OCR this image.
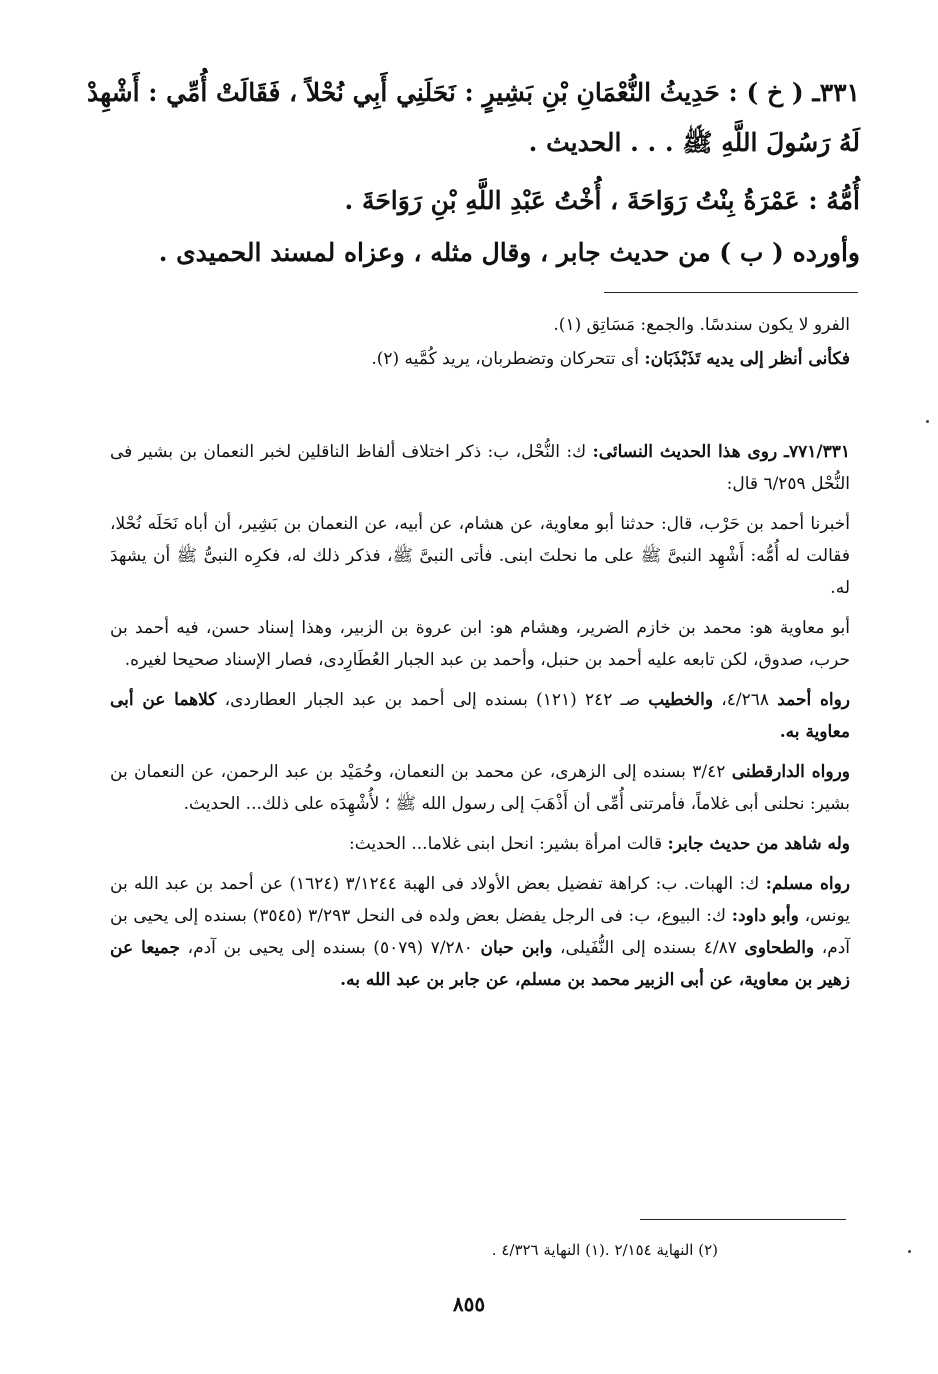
٣٣١ـ ( خ ) : حَدِيثُ النُّعْمَانِ بْنِ بَشِيرٍ : نَحَلَنِي أَبِي نُحْلاً ، فَقَالَتْ أُمِّي : أَشْهِدْ لَهُ رَسُولَ اللَّهِ ﷺ . . . الحديث .
أُمُّهُ : عَمْرَةُ بِنْتُ رَوَاحَةَ ، أُخْتُ عَبْدِ اللَّهِ بْنِ رَوَاحَةَ .
وأورده ( ب ) من حديث جابر ، وقال مثله ، وعزاه لمسند الحميدى .
الفرو لا يكون سندسًا. والجمع: مَسَاتِق (١).
فكأنى أنظر إلى يديه تَذَبْذَبَان: أى تتحركان وتضطربان، يريد كُمَّيه (٢).

٧٧١/٣٣١ـ روى هذا الحديث النسائى: ك: النُّحْل، ب: ذكر اختلاف ألفاظ الناقلين لخبر النعمان بن بشير فى النُّحْل ٦/٢٥٩ قال:

أخبرنا أحمد بن حَرْب، قال: حدثنا أبو معاوية، عن هشام، عن أبيه، عن النعمان بن بَشِير، أن أباه نَحَلَه نُحْلا، فقالت له أُمُّه: أَشْهِد النبىَّ ﷺ على ما نحلتَ ابنى. فأتى النبىَّ ﷺ، فذكر ذلك له، فكرِه النبىُّ ﷺ أن يشهدَ له.

أبو معاوية هو: محمد بن خازم الضرير، وهشام هو: ابن عروة بن الزبير، وهذا إسناد حسن، فيه أحمد بن حرب، صدوق، لكن تابعه عليه أحمد بن حنبل، وأحمد بن عبد الجبار العُطَارِدى، فصار الإسناد صحيحا لغيره.

رواه أحمد ٤/٢٦٨، والخطيب صـ ٢٤٢ (١٢١) بسنده إلى أحمد بن عبد الجبار العطاردى، كلاهما عن أبى معاوية به.

ورواه الدارقطنى ٣/٤٢ بسنده إلى الزهرى، عن محمد بن النعمان، وحُمَيْد بن عبد الرحمن، عن النعمان بن بشير: نحلنى أبى غلاماً، فأمرتنى أُمِّى أن أَذْهَبَ إلى رسول الله ﷺ ؛ لأُشْهِدَه على ذلك... الحديث.

وله شاهد من حديث جابر: قالت امرأة بشير: انحل ابنى غلاما... الحديث:

رواه مسلم: ك: الهبات. ب: كراهة تفضيل بعض الأولاد فى الهبة ٣/١٢٤٤ (١٦٢٤) عن أحمد بن عبد الله بن يونس، وأبو داود: ك: البيوع، ب: فى الرجل يفضل بعض ولده فى النحل ٣/٢٩٣ (٣٥٤٥) بسنده إلى يحيى بن آدم، والطحاوى ٤/٨٧ بسنده إلى النُّفَيلى، وابن حبان ٧/٢٨٠ (٥٠٧٩) بسنده إلى يحيى بن آدم، جميعا عن زهير بن معاوية، عن أبى الزبير محمد بن مسلم، عن جابر بن عبد الله به.

(١) النهاية ٤/٣٢٦ .(٢) النهاية ٢/١٥٤ .
٨٥٥
